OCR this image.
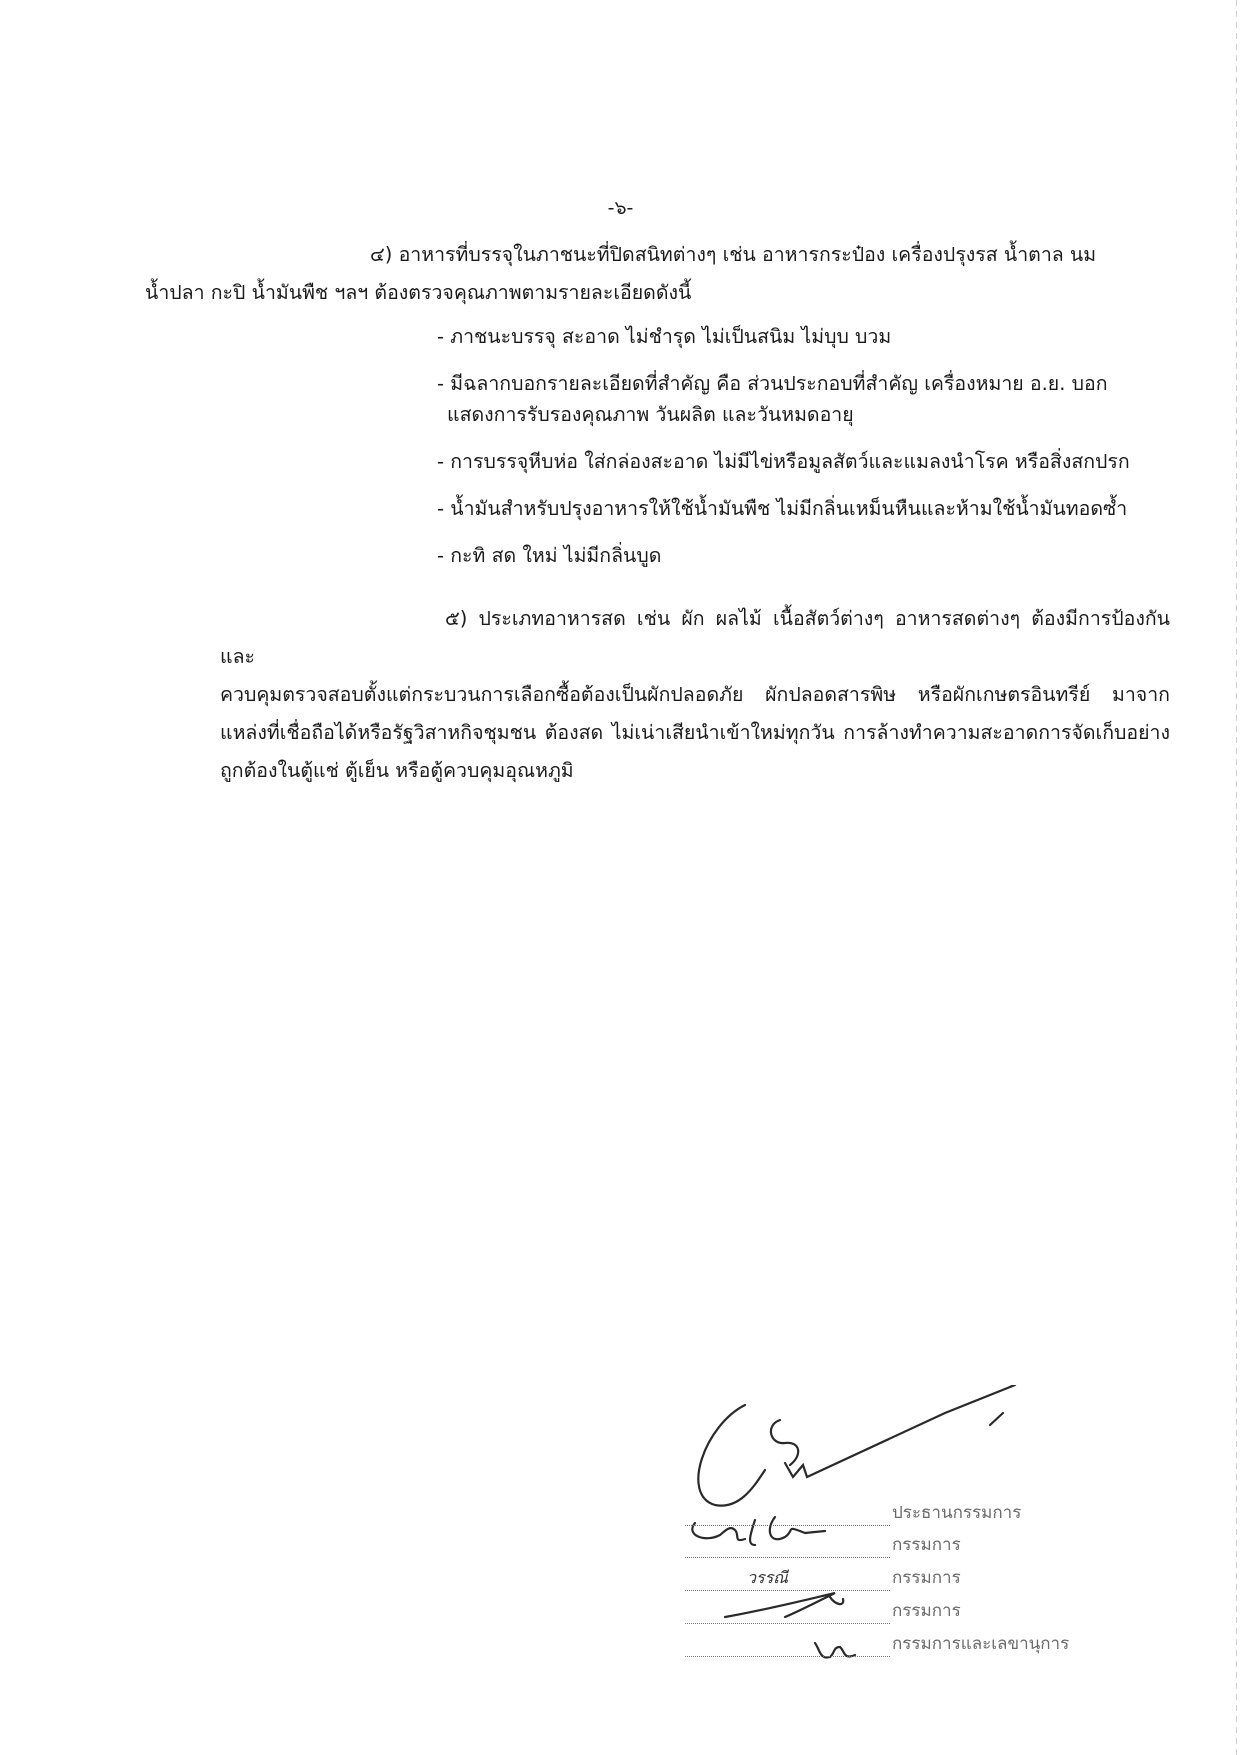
-๖-

๔) อาหารที่บรรจุในภาชนะที่ปิดสนิทต่างๆ เช่น อาหารกระป๋อง เครื่องปรุงรส น้ำตาล นม
น้ำปลา กะปิ น้ำมันพืช ฯลฯ ต้องตรวจคุณภาพตามรายละเอียดดังนี้

- ภาชนะบรรจุ สะอาด ไม่ชำรุด ไม่เป็นสนิม ไม่บุบ บวม
- มีฉลากบอกรายละเอียดที่สำคัญ คือ ส่วนประกอบที่สำคัญ เครื่องหมาย อ.ย. บอก
แสดงการรับรองคุณภาพ วันผลิต และวันหมดอายุ
- การบรรจุหีบห่อ ใส่กล่องสะอาด ไม่มีไข่หรือมูลสัตว์และแมลงนำโรค หรือสิ่งสกปรก
- น้ำมันสำหรับปรุงอาหารให้ใช้น้ำมันพืช ไม่มีกลิ่นเหม็นหืนและห้ามใช้น้ำมันทอดซ้ำ
- กะทิ สด ใหม่ ไม่มีกลิ่นบูด

๕) ประเภทอาหารสด เช่น ผัก ผลไม้ เนื้อสัตว์ต่างๆ อาหารสดต่างๆ ต้องมีการป้องกันและ
ควบคุมตรวจสอบตั้งแต่กระบวนการเลือกซื้อต้องเป็นผักปลอดภัย ผักปลอดสารพิษ หรือผักเกษตรอินทรีย์ มาจากแหล่งที่เชื่อถือได้หรือรัฐวิสาหกิจชุมชน ต้องสด ไม่เน่าเสียนำเข้าใหม่ทุกวัน การล้างทำความสะอาดการจัดเก็บอย่างถูกต้องในตู้แช่ ตู้เย็น หรือตู้ควบคุมอุณหภูมิ

ประธานกรรมการ
กรรมการ
วรรณี	กรรมการ
กรรมการ
กรรมการและเลขานุการ
